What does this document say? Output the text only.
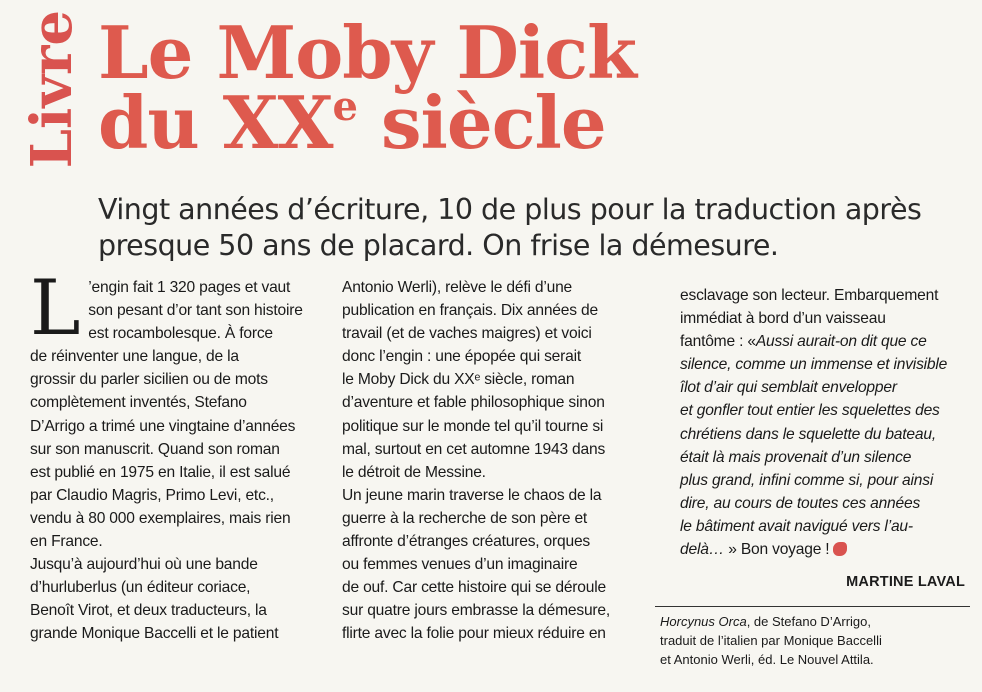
Livre Le Moby Dick
du XXe siècle
Vingt années d’écriture, 10 de plus pour la traduction après
presque 50 ans de placard. On frise la démesure.
L ’engin fait 1 320 pages et vaut

son pesant d’or tant son histoire

est rocambolesque. À force

de réinventer une langue, de la

grossir du parler sicilien ou de mots

complètement inventés, Stefano

D’Arrigo a trimé une vingtaine d’années

sur son manuscrit. Quand son roman

est publié en 1975 en Italie, il est salué

par Claudio Magris, Primo Levi, etc.,

vendu à 80 000 exemplaires, mais rien

en France.

Jusqu’à aujourd’hui où une bande

d’hurluberlus (un éditeur coriace,

Benoît Virot, et deux traducteurs, la

grande Monique Baccelli et le patient

Antonio Werli), relève le défi d’une

publication en français. Dix années de

travail (et de vaches maigres) et voici

donc l’engin : une épopée qui serait

le Moby Dick du XXᵉ siècle, roman

d’aventure et fable philosophique sinon

politique sur le monde tel qu’il tourne si

mal, surtout en cet automne 1943 dans

le détroit de Messine.

Un jeune marin traverse le chaos de la

guerre à la recherche de son père et

affronte d’étranges créatures, orques

ou femmes venues d’un imaginaire

de ouf. Car cette histoire qui se déroule

sur quatre jours embrasse la démesure,

flirte avec la folie pour mieux réduire en

esclavage son lecteur. Embarquement

immédiat à bord d’un vaisseau

fantôme : «Aussi aurait-on dit que ce

silence, comme un immense et invisible

îlot d’air qui semblait envelopper

et gonfler tout entier les squelettes des

chrétiens dans le squelette du bateau,

était là mais provenait d’un silence

plus grand, infini comme si, pour ainsi

dire, au cours de toutes ces années

le bâtiment avait navigué vers l’au-

delà… » Bon voyage !

MARTINE LAVAL
Horcynus Orca, de Stefano D’Arrigo,
traduit de l’italien par Monique Baccelli
et Antonio Werli, éd. Le Nouvel Attila.
